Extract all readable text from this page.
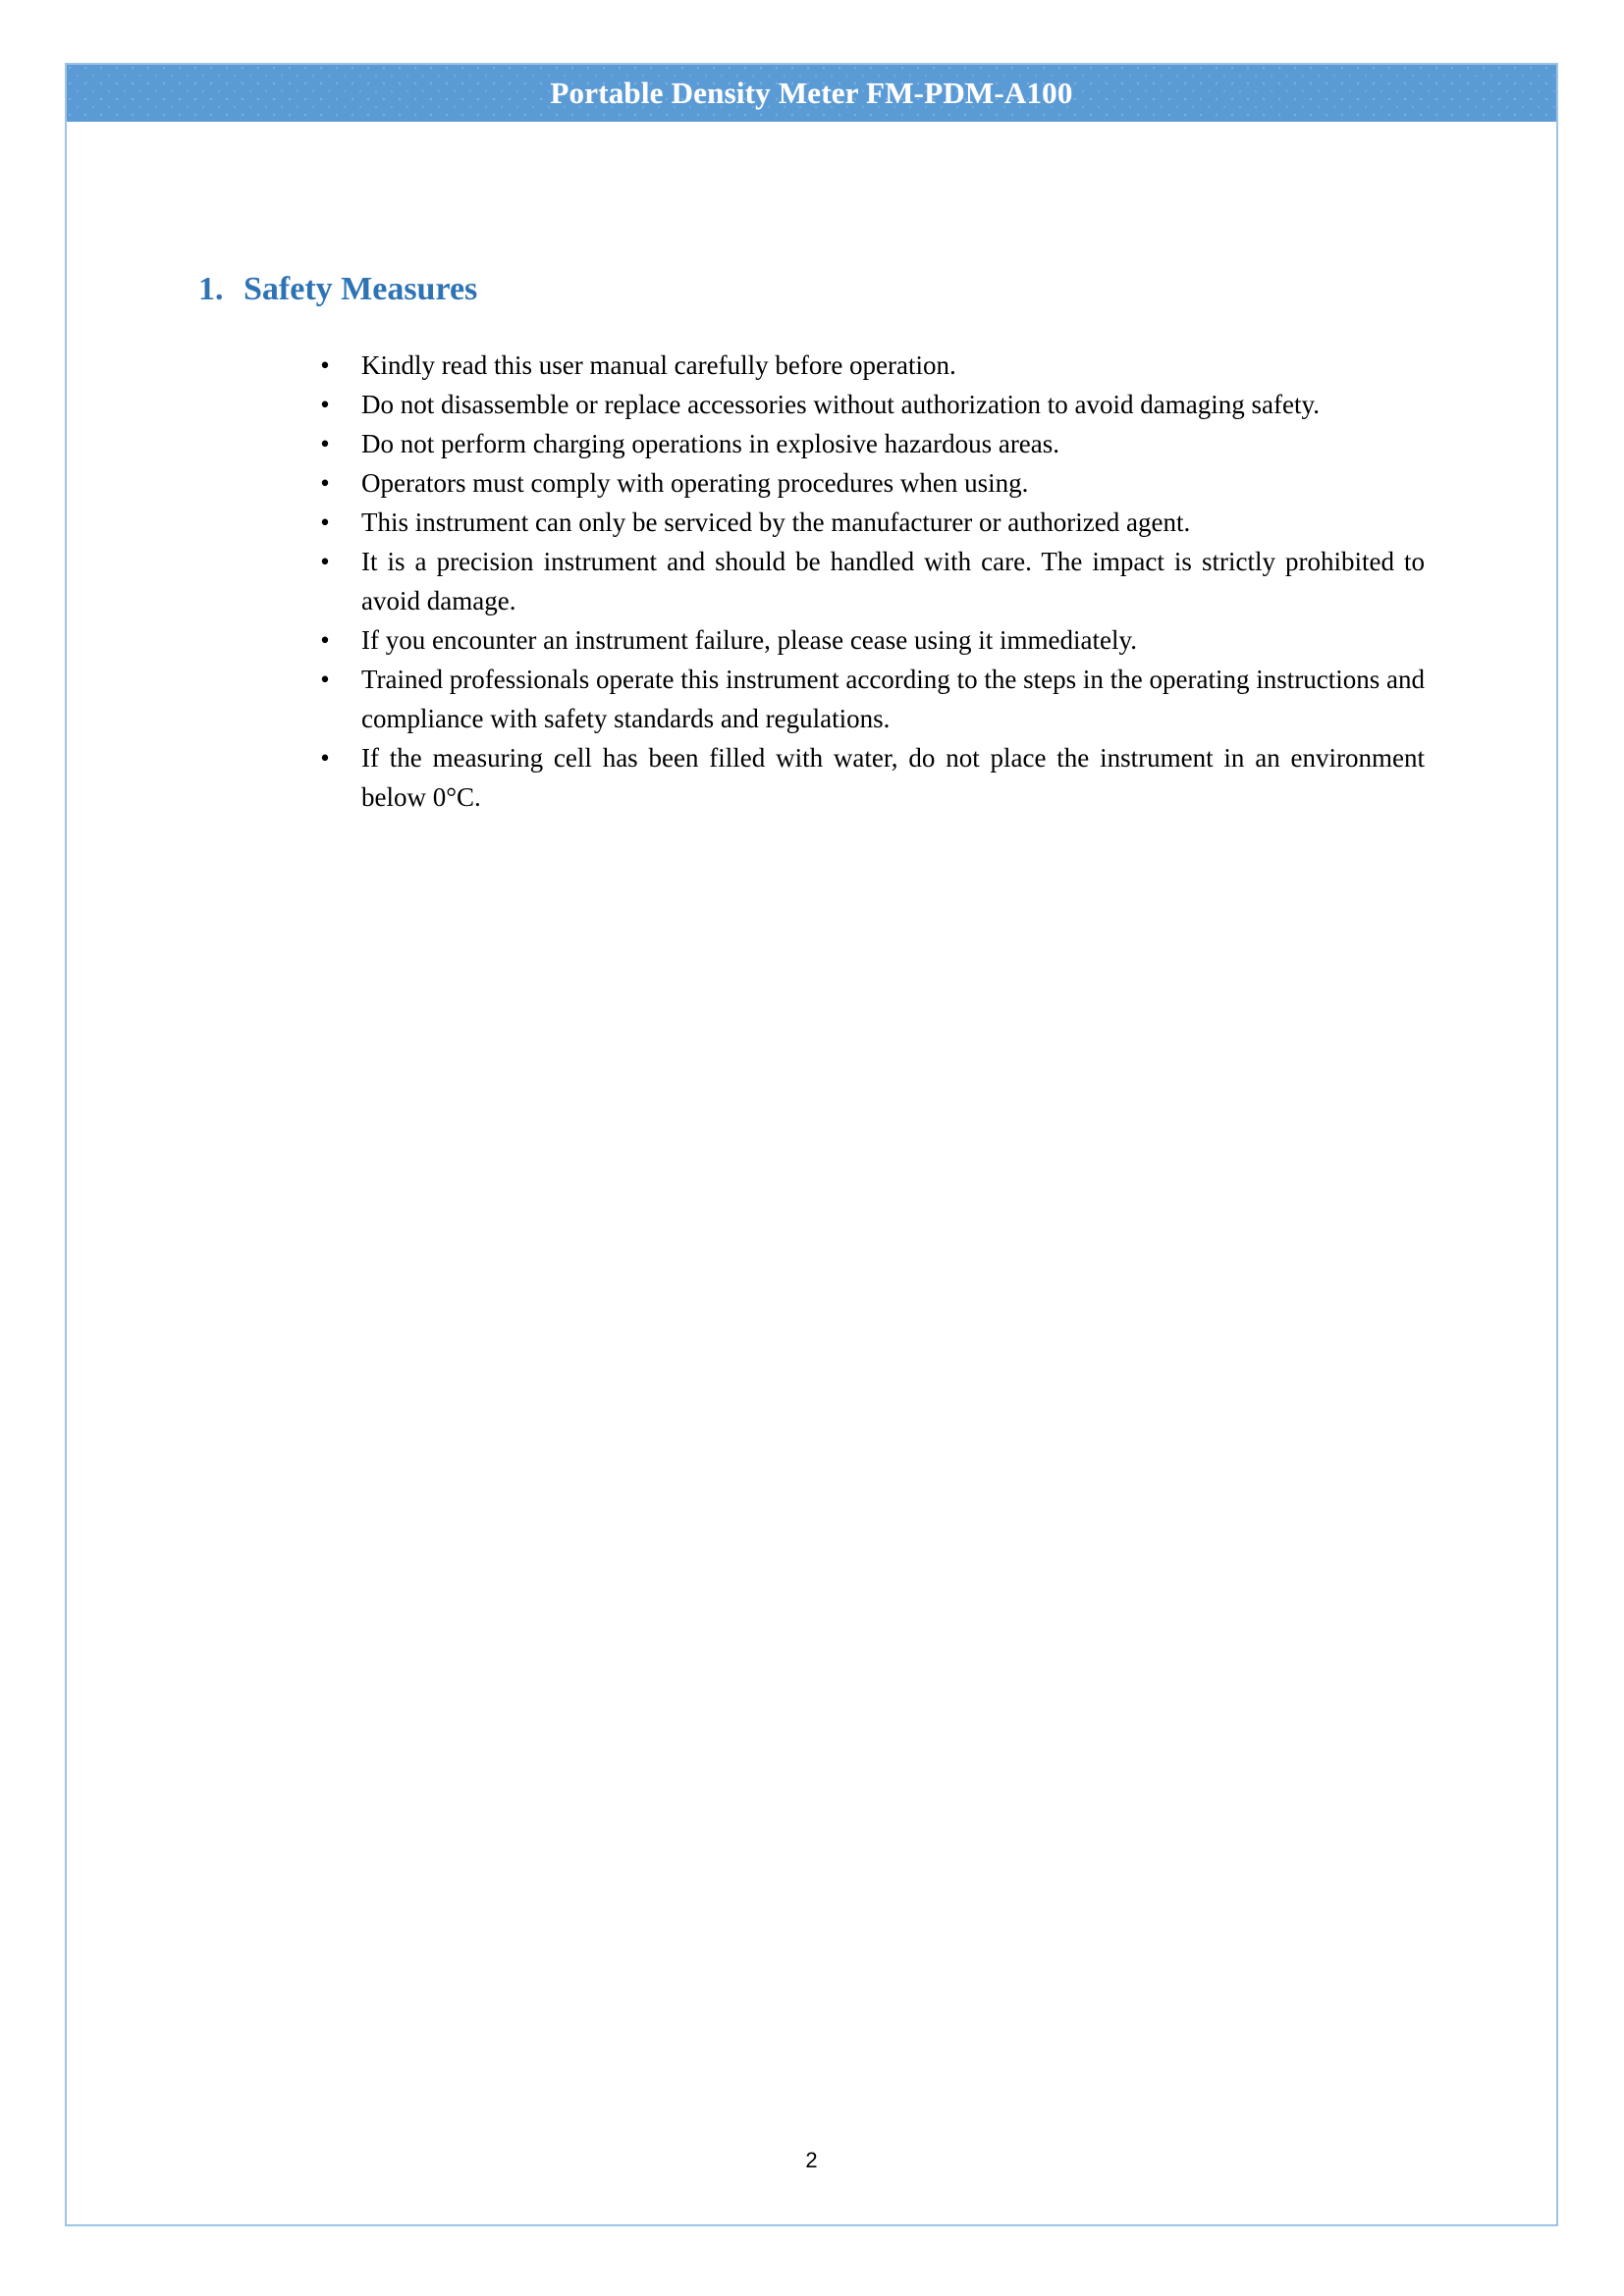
Portable Density Meter FM-PDM-A100
1. Safety Measures
• Kindly read this user manual carefully before operation.
• Do not disassemble or replace accessories without authorization to avoid damaging safety.
• Do not perform charging operations in explosive hazardous areas.
• Operators must comply with operating procedures when using.
• This instrument can only be serviced by the manufacturer or authorized agent.
• It is a precision instrument and should be handled with care. The impact is strictly prohibited to avoid damage.
• If you encounter an instrument failure, please cease using it immediately.
• Trained professionals operate this instrument according to the steps in the operating instructions and compliance with safety standards and regulations.
• If the measuring cell has been filled with water, do not place the instrument in an environment below 0°C.
2
